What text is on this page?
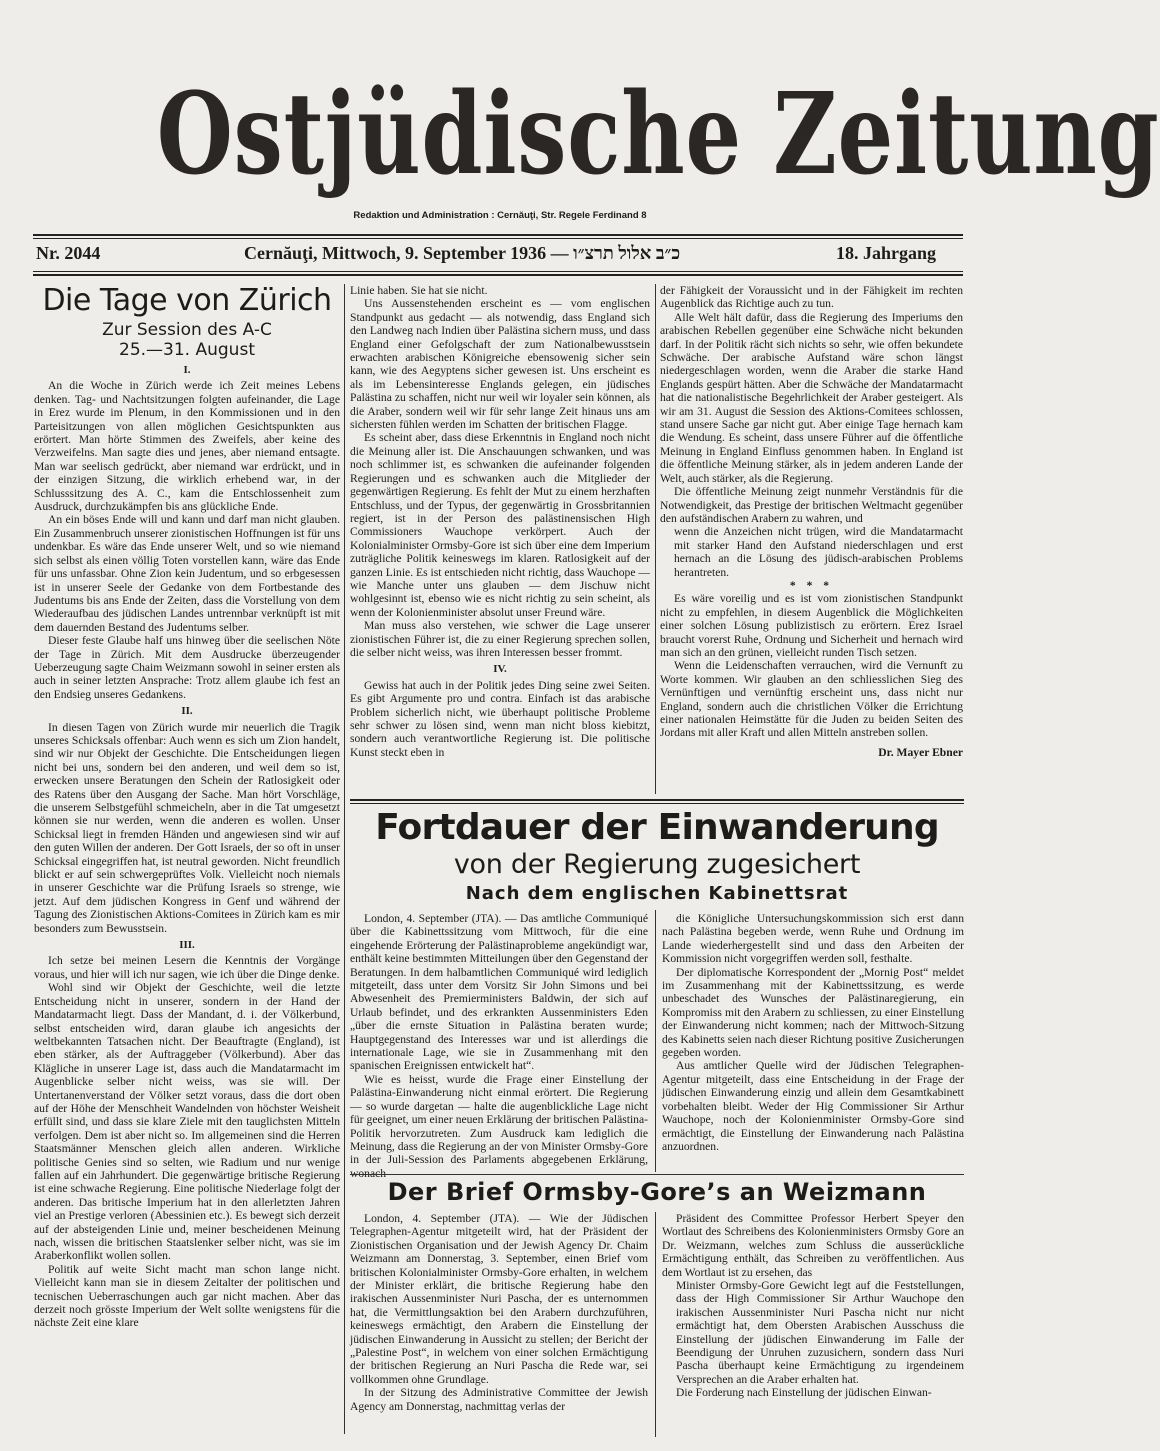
Ostjüdische Zeitung
Redaktion und Administration : Cernăuţi, Str. Regele Ferdinand 8
Nr. 2044	Cernăuţi, Mittwoch, 9. September 1936 — כ״ב אלול תרצ״ו	18. Jahrgang
Die Tage von Zürich
Zur Session des A-C
25.—31. August
I.

An die Woche in Zürich werde ich Zeit meines Lebens denken. Tag- und Nachtsitzungen folgten aufeinander, die Lage in Erez wurde im Plenum, in den Kommissionen und in den Parteisitzungen von allen möglichen Gesichtspunkten aus erörtert. Man hörte Stimmen des Zweifels, aber keine des Verzweifelns. Man sagte dies und jenes, aber niemand entsagte. Man war seelisch gedrückt, aber niemand war erdrückt, und in der einzigen Sitzung, die wirklich erhebend war, in der Schlusssitzung des A. C., kam die Entschlossenheit zum Ausdruck, durchzukämpfen bis ans glückliche Ende.

An ein böses Ende will und kann und darf man nicht glauben. Ein Zusammenbruch unserer zionistischen Hoffnungen ist für uns undenkbar. Es wäre das Ende unserer Welt, und so wie niemand sich selbst als einen völlig Toten vorstellen kann, wäre das Ende für uns unfassbar. Ohne Zion kein Judentum, und so erbgesessen ist in unserer Seele der Gedanke von dem Fortbestande des Judentums bis ans Ende der Zeiten, dass die Vorstellung von dem Wiederaufbau des jüdischen Landes untrennbar verknüpft ist mit dem dauernden Bestand des Judentums selber.

Dieser feste Glaube half uns hinweg über die seelischen Nöte der Tage in Zürich. Mit dem Ausdrucke überzeugender Ueberzeugung sagte Chaim Weizmann sowohl in seiner ersten als auch in seiner letzten Ansprache: Trotz allem glaube ich fest an den Endsieg unseres Gedankens.

II.

In diesen Tagen von Zürich wurde mir neuerlich die Tragik unseres Schicksals offenbar: Auch wenn es sich um Zion handelt, sind wir nur Objekt der Geschichte. Die Entscheidungen liegen nicht bei uns, sondern bei den anderen, und weil dem so ist, erwecken unsere Beratungen den Schein der Ratlosigkeit oder des Ratens über den Ausgang der Sache. Man hört Vorschläge, die unserem Selbstgefühl schmeicheln, aber in die Tat umgesetzt können sie nur werden, wenn die anderen es wollen. Unser Schicksal liegt in fremden Händen und angewiesen sind wir auf den guten Willen der anderen. Der Gott Israels, der so oft in unser Schicksal eingegriffen hat, ist neutral geworden. Nicht freundlich blickt er auf sein schwergeprüftes Volk. Vielleicht noch niemals in unserer Geschichte war die Prüfung Israels so strenge, wie jetzt. Auf dem jüdischen Kongress in Genf und während der Tagung des Zionistischen Aktions-Comitees in Zürich kam es mir besonders zum Bewusstsein.

III.

Ich setze bei meinen Lesern die Kenntnis der Vorgänge voraus, und hier will ich nur sagen, wie ich über die Dinge denke.

Wohl sind wir Objekt der Geschichte, weil die letzte Entscheidung nicht in unserer, sondern in der Hand der Mandatarmacht liegt. Dass der Mandant, d. i. der Völkerbund, selbst entscheiden wird, daran glaube ich angesichts der weltbekannten Tatsachen nicht. Der Beauftragte (England), ist eben stärker, als der Auftraggeber (Völkerbund). Aber das Klägliche in unserer Lage ist, dass auch die Mandatarmacht im Augenblicke selber nicht weiss, was sie will. Der Untertanenverstand der Völker setzt voraus, dass die dort oben auf der Höhe der Menschheit Wandelnden von höchster Weisheit erfüllt sind, und dass sie klare Ziele mit den tauglichsten Mitteln verfolgen. Dem ist aber nicht so. Im allgemeinen sind die Herren Staatsmänner Menschen gleich allen anderen. Wirkliche politische Genies sind so selten, wie Radium und nur wenige fallen auf ein Jahrhundert. Die gegenwärtige britische Regierung ist eine schwache Regierung. Eine politische Niederlage folgt der anderen. Das britische Imperium hat in den allerletzten Jahren viel an Prestige verloren (Abessinien etc.). Es bewegt sich derzeit auf der absteigenden Linie und, meiner bescheidenen Meinung nach, wissen die britischen Staatslenker selber nicht, was sie im Araberkonflikt wollen sollen.

Politik auf weite Sicht macht man schon lange nicht. Vielleicht kann man sie in diesem Zeitalter der politischen und tecnischen Ueberraschungen auch gar nicht machen. Aber das derzeit noch grösste Imperium der Welt sollte wenigstens für die nächste Zeit eine klare

Linie haben. Sie hat sie nicht.

Uns Aussenstehenden erscheint es — vom englischen Standpunkt aus gedacht — als notwendig, dass England sich den Landweg nach Indien über Palästina sichern muss, und dass England einer Gefolgschaft der zum Nationalbewusstsein erwachten arabischen Königreiche ebensowenig sicher sein kann, wie des Aegyptens sicher gewesen ist. Uns erscheint es als im Lebensinteresse Englands gelegen, ein jüdisches Palästina zu schaffen, nicht nur weil wir loyaler sein können, als die Araber, sondern weil wir für sehr lange Zeit hinaus uns am sichersten fühlen werden im Schatten der britischen Flagge.

Es scheint aber, dass diese Erkenntnis in England noch nicht die Meinung aller ist. Die Anschauungen schwanken, und was noch schlimmer ist, es schwanken die aufeinander folgenden Regierungen und es schwanken auch die Mitglieder der gegenwärtigen Regierung. Es fehlt der Mut zu einem herzhaften Entschluss, und der Typus, der gegenwärtig in Grossbritannien regiert, ist in der Person des palästinensischen High Commissioners Wauchope verkörpert. Auch der Kolonialminister Ormsby-Gore ist sich über eine dem Imperium zuträgliche Politik keineswegs im klaren. Ratlosigkeit auf der ganzen Linie. Es ist entschieden nicht richtig, dass Wauchope — wie Manche unter uns glauben — dem Jischuw nicht wohlgesinnt ist, ebenso wie es nicht richtig zu sein scheint, als wenn der Kolonienminister absolut unser Freund wäre.

Man muss also verstehen, wie schwer die Lage unserer zionistischen Führer ist, die zu einer Regierung sprechen sollen, die selber nicht weiss, was ihren Interessen besser frommt.

IV.

Gewiss hat auch in der Politik jedes Ding seine zwei Seiten. Es gibt Argumente pro und contra. Einfach ist das arabische Problem sicherlich nicht, wie überhaupt politische Probleme sehr schwer zu lösen sind, wenn man nicht bloss kiebitzt, sondern auch verantwortliche Regierung ist. Die politische Kunst steckt eben in

der Fähigkeit der Voraussicht und in der Fähigkeit im rechten Augenblick das Richtige auch zu tun.

Alle Welt hält dafür, dass die Regierung des Imperiums den arabischen Rebellen gegenüber eine Schwäche nicht bekunden darf. In der Politik rächt sich nichts so sehr, wie offen bekundete Schwäche. Der arabische Aufstand wäre schon längst niedergeschlagen worden, wenn die Araber die starke Hand Englands gespürt hätten. Aber die Schwäche der Mandatarmacht hat die nationalistische Begehrlichkeit der Araber gesteigert. Als wir am 31. August die Session des Aktions-Comitees schlossen, stand unsere Sache gar nicht gut. Aber einige Tage hernach kam die Wendung. Es scheint, dass unsere Führer auf die öffentliche Meinung in England Einfluss genommen haben. In England ist die öffentliche Meinung stärker, als in jedem anderen Lande der Welt, auch stärker, als die Regierung.

Die öffentliche Meinung zeigt nunmehr Verständnis für die Notwendigkeit, das Prestige der britischen Weltmacht gegenüber den aufständischen Arabern zu wahren, und

wenn die Anzeichen nicht trügen, wird die Mandatarmacht mit starker Hand den Aufstand niederschlagen und erst hernach an die Lösung des jüdisch-arabischen Problems herantreten.

* * *

Es wäre voreilig und es ist vom zionistischen Standpunkt nicht zu empfehlen, in diesem Augenblick die Möglichkeiten einer solchen Lösung publizistisch zu erörtern. Erez Israel braucht vorerst Ruhe, Ordnung und Sicherheit und hernach wird man sich an den grünen, vielleicht runden Tisch setzen.

Wenn die Leidenschaften verrauchen, wird die Vernunft zu Worte kommen. Wir glauben an den schliesslichen Sieg des Vernünftigen und vernünftig erscheint uns, dass nicht nur England, sondern auch die christlichen Völker die Errichtung einer nationalen Heimstätte für die Juden zu beiden Seiten des Jordans mit aller Kraft und allen Mitteln anstreben sollen.

Dr. Mayer Ebner
Fortdauer der Einwanderung
von der Regierung zugesichert
Nach dem englischen Kabinettsrat

London, 4. September (JTA). — Das amtliche Communiqué über die Kabinettssitzung vom Mittwoch, für die eine eingehende Erörterung der Palästinaprobleme angekündigt war, enthält keine bestimmten Mitteilungen über den Gegenstand der Beratungen. In dem halbamtlichen Communiqué wird lediglich mitgeteilt, dass unter dem Vorsitz Sir John Simons und bei Abwesenheit des Premierministers Baldwin, der sich auf Urlaub befindet, und des erkrankten Aussenministers Eden „über die ernste Situation in Palästina beraten wurde; Hauptgegenstand des Interesses war und ist allerdings die internationale Lage, wie sie in Zusammenhang mit den spanischen Ereignissen entwickelt hat“.

Wie es heisst, wurde die Frage einer Einstellung der Palästina-Einwanderung nicht einmal erörtert. Die Regierung — so wurde dargetan — halte die augenblickliche Lage nicht für geeignet, um einer neuen Erklärung der britischen Palästina-Politik hervorzutreten. Zum Ausdruck kam lediglich die Meinung, dass die Regierung an der von Minister Ormsby-Gore in der Juli-Session des Parlaments abgegebenen Erklärung,

die Königliche Untersuchungskommission sich erst dann nach Palästina begeben werde, wenn Ruhe und Ordnung im Lande wiederhergestellt sind und dass den Arbeiten der Kommission nicht vorgegriffen werden soll, festhalte.

Der diplomatische Korrespondent der „Mornig Post“ meldet im Zusammenhang mit der Kabinettssitzung, es werde unbeschadet des Wunsches der Palästinaregierung, ein Kompromiss mit den Arabern zu schliessen, zu einer Einstellung der Einwanderung nicht kommen; nach der Mittwoch-Sitzung des Kabinetts seien nach dieser Richtung positive Zusicherungen gegeben worden.

Aus amtlicher Quelle wird der Jüdischen Telegraphen-Agentur mitgeteilt, dass eine Entscheidung in der Frage der jüdischen Einwanderung einzig und allein dem Gesamtkabinett vorbehalten bleibt. Weder der Hig Commissioner Sir Arthur Wauchope, noch der Kolonienminister Ormsby-Gore sind ermächtigt, die Einstellung der Einwanderung nach Palästina anzuordnen.

Der Brief Ormsby-Gore’s an Weizmann

London, 4. September (JTA). — Wie der Jüdischen Telegraphen-Agentur mitgeteilt wird, hat der Präsident der Zionistischen Organisation und der Jewish Agency Dr. Chaim Weizmann am Donnerstag, 3. September, einen Brief vom britischen Kolonialminister Ormsby-Gore erhalten, in welchem der Minister erklärt, die britische Regierung habe den irakischen Aussenminister Nuri Pascha, der es unternommen hat, die Vermittlungsaktion bei den Arabern durchzuführen, keineswegs ermächtigt, den Arabern die Einstellung der jüdischen Einwanderung in Aussicht zu stellen; der Bericht der „Palestine Post“, in welchem von einer solchen Ermächtigung der britischen Regierung an Nuri Pascha die Rede war, sei vollkommen ohne Grundlage.

In der Sitzung des Administrative Committee der Jewish Agency am Donnerstag, nachmittag verlas der

Präsident des Committee Professor Herbert Speyer den Wortlaut des Schreibens des Kolonienministers Ormsby Gore an Dr. Weizmann, welches zum Schluss die ausserückliche Ermächtigung enthält, das Schreiben zu veröffentlichen. Aus dem Wortlaut ist zu ersehen, das

Minister Ormsby-Gore Gewicht legt auf die Feststellungen, dass der High Commissioner Sir Arthur Wauchope den irakischen Aussenminister Nuri Pascha nicht nur nicht ermächtigt hat, dem Obersten Arabischen Ausschuss die Einstellung der jüdischen Einwanderung im Falle der Beendigung der Unruhen zuzusichern, sondern dass Nuri Pascha überhaupt keine Ermächtigung zu irgendeinem Versprechen an die Araber erhalten hat.

Die Forderung nach Einstellung der jüdischen Einwan-
